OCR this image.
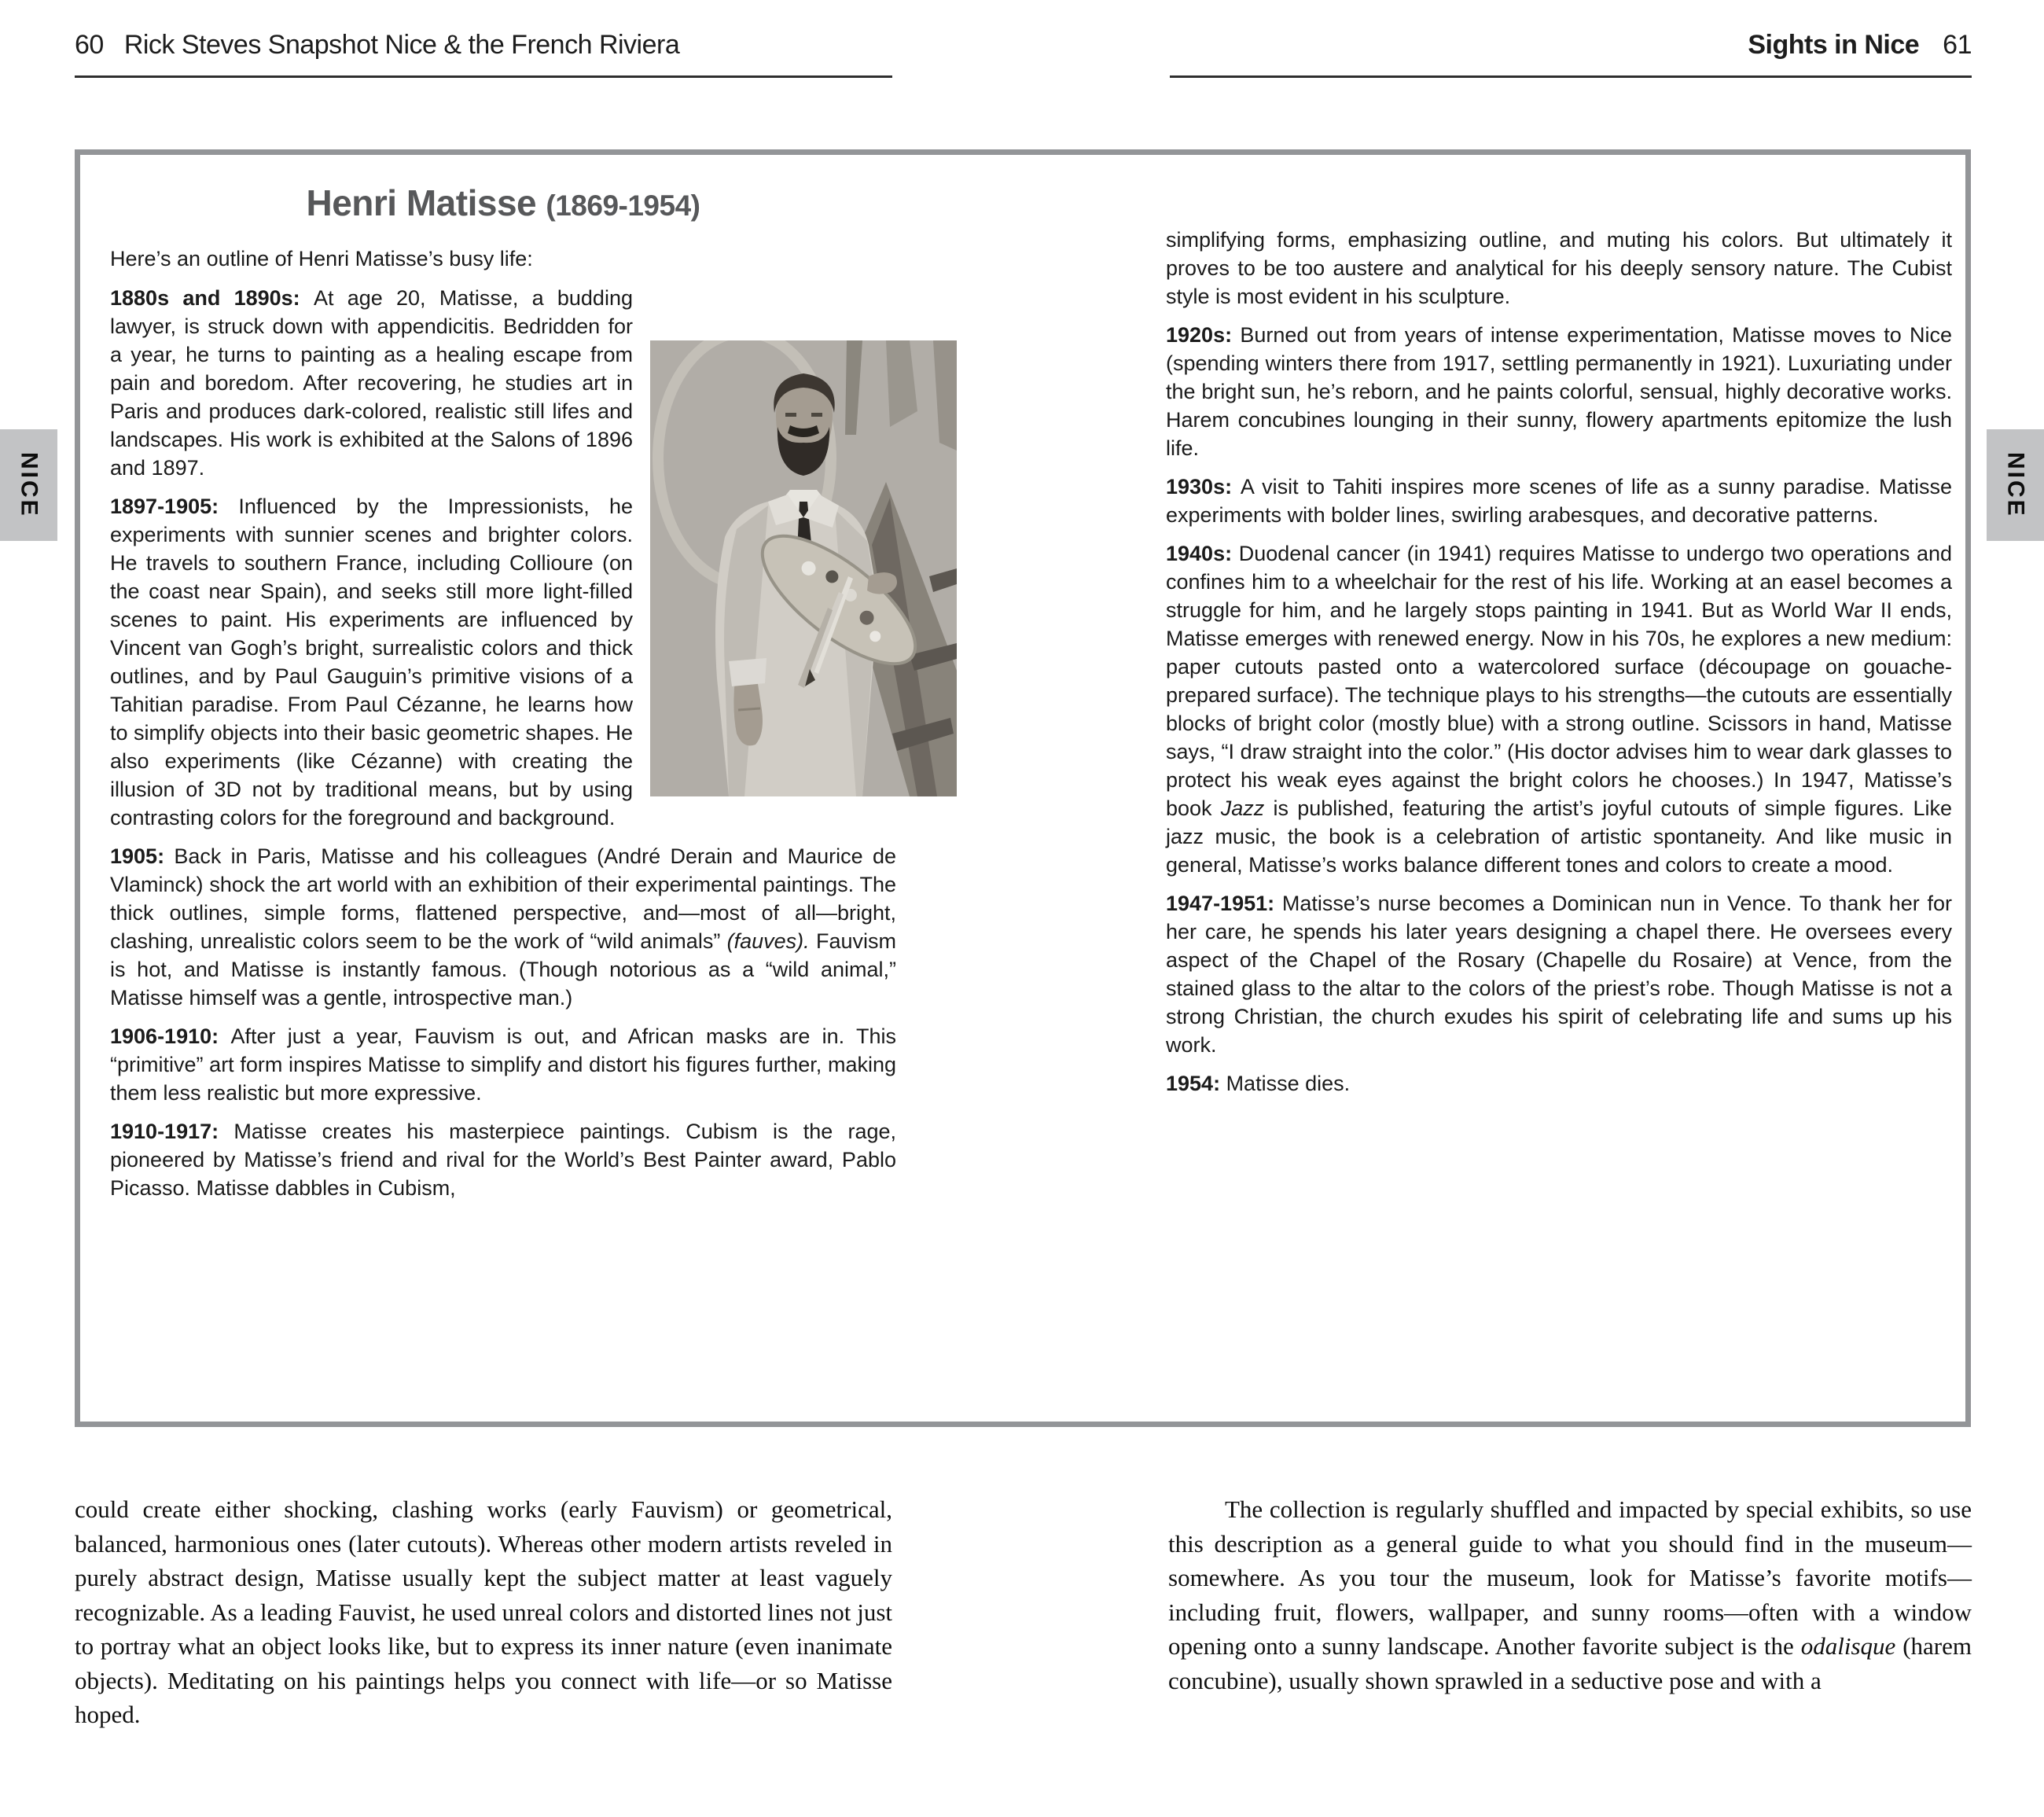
60 Rick Steves Snapshot Nice & the French Riviera	Sights in Nice 61
NICE	NICE
Henri Matisse (1869-1954)

Here’s an outline of Henri Matisse’s busy life:

1880s and 1890s: At age 20, Matisse, a budding lawyer, is struck down with appendicitis. Bedridden for a year, he turns to painting as a healing escape from pain and boredom. After recovering, he studies art in Paris and produces dark-colored, realistic still lifes and landscapes. His work is exhibited at the Salons of 1896 and 1897.

1897-1905: Influenced by the Impressionists, he experiments with sunnier scenes and brighter colors. He travels to southern France, including Collioure (on the coast near Spain), and seeks still more light-filled scenes to paint. His experiments are influenced by Vincent van Gogh’s bright, surrealistic colors and thick outlines, and by Paul Gauguin’s primitive visions of a Tahitian paradise. From Paul Cézanne, he learns how to simplify objects into their basic geometric shapes. He also experiments (like Cézanne) with creating the illusion of 3D not by traditional means, but by using contrasting colors for the foreground and background.

1905: Back in Paris, Matisse and his colleagues (André Derain and Maurice de Vlaminck) shock the art world with an exhibition of their experimental paintings. The thick outlines, simple forms, flattened perspective, and—most of all—bright, clashing, unrealistic colors seem to be the work of “wild animals” (fauves). Fauvism is hot, and Matisse is instantly famous. (Though notorious as a “wild animal,” Matisse himself was a gentle, introspective man.)

1906-1910: After just a year, Fauvism is out, and African masks are in. This “primitive” art form inspires Matisse to simplify and distort his figures further, making them less realistic but more expressive.

1910-1917: Matisse creates his masterpiece paintings. Cubism is the rage, pioneered by Matisse’s friend and rival for the World’s Best Painter award, Pablo Picasso. Matisse dabbles in Cubism,

simplifying forms, emphasizing outline, and muting his colors. But ultimately it proves to be too austere and analytical for his deeply sensory nature. The Cubist style is most evident in his sculpture.

1920s: Burned out from years of intense experimentation, Matisse moves to Nice (spending winters there from 1917, settling permanently in 1921). Luxuriating under the bright sun, he’s reborn, and he paints colorful, sensual, highly decorative works. Harem concubines lounging in their sunny, flowery apartments epitomize the lush life.

1930s: A visit to Tahiti inspires more scenes of life as a sunny paradise. Matisse experiments with bolder lines, swirling arabesques, and decorative patterns.

1940s: Duodenal cancer (in 1941) requires Matisse to undergo two operations and confines him to a wheelchair for the rest of his life. Working at an easel becomes a struggle for him, and he largely stops painting in 1941. But as World War II ends, Matisse emerges with renewed energy. Now in his 70s, he explores a new medium: paper cutouts pasted onto a watercolored surface (découpage on gouache-prepared surface). The technique plays to his strengths—the cutouts are essentially blocks of bright color (mostly blue) with a strong outline. Scissors in hand, Matisse says, “I draw straight into the color.” (His doctor advises him to wear dark glasses to protect his weak eyes against the bright colors he chooses.) In 1947, Matisse’s book Jazz is published, featuring the artist’s joyful cutouts of simple figures. Like jazz music, the book is a celebration of artistic spontaneity. And like music in general, Matisse’s works balance different tones and colors to create a mood.

1947-1951: Matisse’s nurse becomes a Dominican nun in Vence. To thank her for her care, he spends his later years designing a chapel there. He oversees every aspect of the Chapel of the Rosary (Chapelle du Rosaire) at Vence, from the stained glass to the altar to the colors of the priest’s robe. Though Matisse is not a strong Christian, the church exudes his spirit of celebrating life and sums up his work.

1954: Matisse dies.

could create either shocking, clashing works (early Fauvism) or geometrical, balanced, harmonious ones (later cutouts). Whereas other modern artists reveled in purely abstract design, Matisse usually kept the subject matter at least vaguely recognizable. As a leading Fauvist, he used unreal colors and distorted lines not just to portray what an object looks like, but to express its inner nature (even inanimate objects). Meditating on his paintings helps you connect with life—or so Matisse hoped.

The collection is regularly shuffled and impacted by special exhibits, so use this description as a general guide to what you should find in the museum—somewhere. As you tour the museum, look for Matisse’s favorite motifs—including fruit, flowers, wallpaper, and sunny rooms—often with a window opening onto a sunny landscape. Another favorite subject is the odalisque (harem concubine), usually shown sprawled in a seductive pose and with a
